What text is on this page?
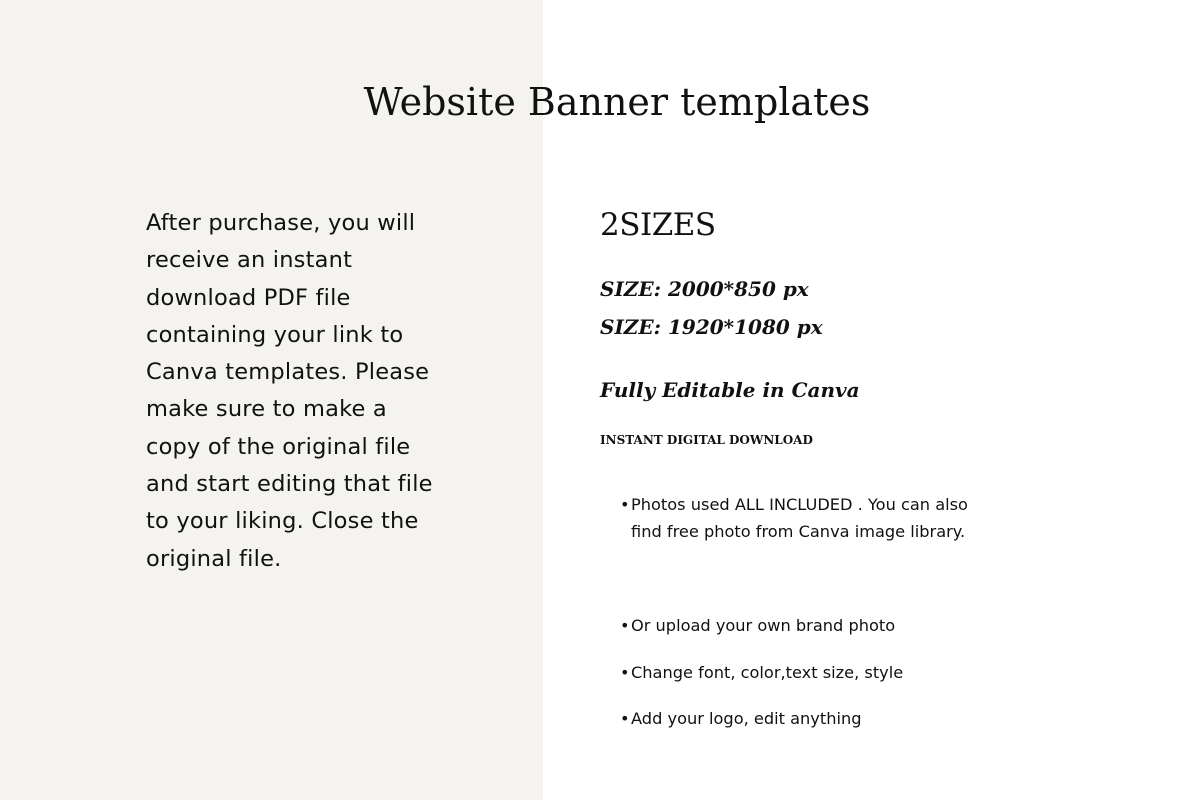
Website Banner templates

After purchase, you will receive an instant download PDF file containing your link to Canva templates. Please make sure to make a copy of the original file and start editing that file to your liking. Close the original file.

2SIZES
SIZE: 2000*850 px
SIZE: 1920*1080 px
Fully Editable in Canva
INSTANT DIGITAL DOWNLOAD
• Photos used ALL INCLUDED . You can also find free photo from Canva image library.
• Or upload your own brand photo
• Change font, color,text size, style
• Add your logo, edit anything
